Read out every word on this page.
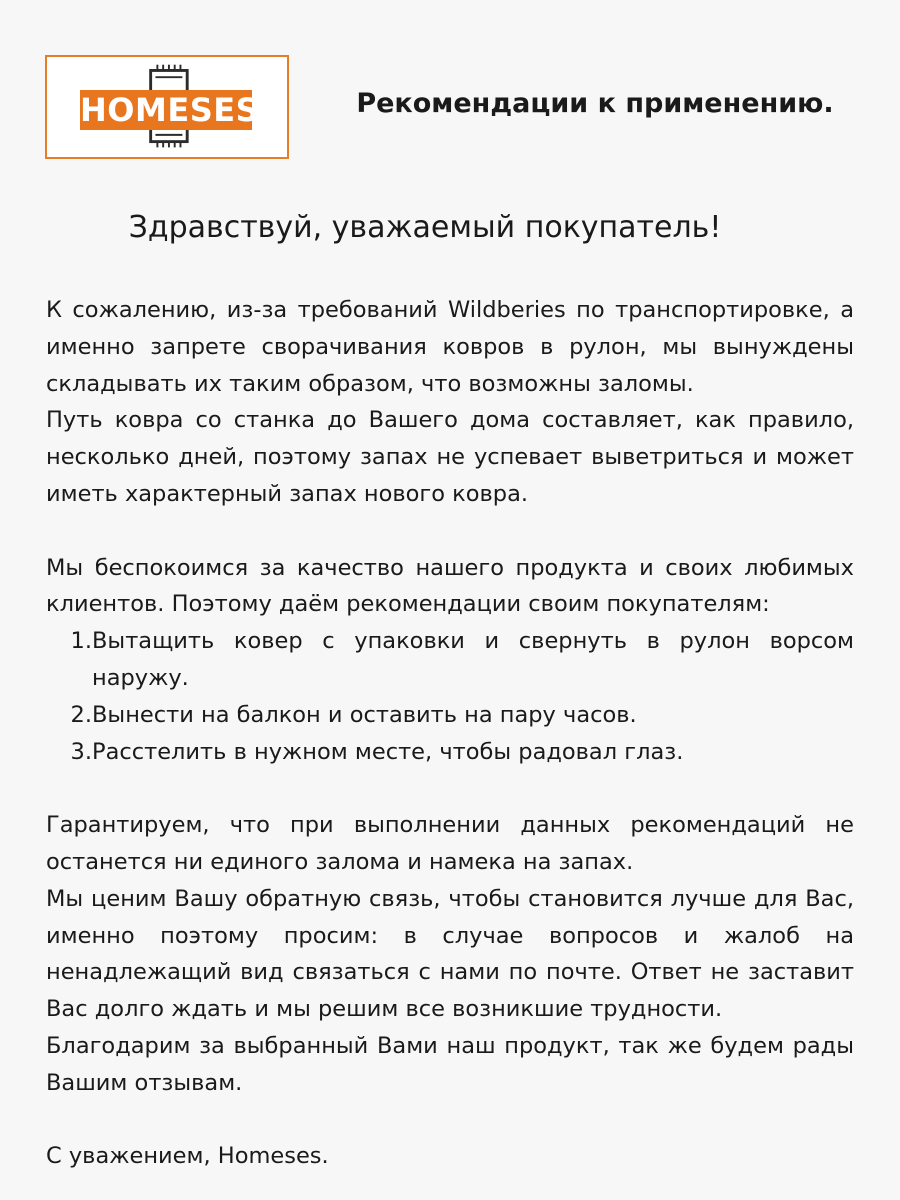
HOMESES	Рекомендации к применению.
Здравствуй, уважаемый покупатель!

К сожалению, из-за требований Wildberies по транспортировке, а именно запрете сворачивания ковров в рулон, мы вынуждены складывать их таким образом, что возможны заломы.

Путь ковра со станка до Вашего дома составляет, как правило, несколько дней, поэтому запах не успевает выветриться и может иметь характерный запах нового ковра.

Мы беспокоимся за качество нашего продукта и своих любимых клиентов. Поэтому даём рекомендации своим покупателям:

1. Вытащить ковер с упаковки и свернуть в рулон ворсом наружу.
2. Вынести на балкон и оставить на пару часов.
3. Расстелить в нужном месте, чтобы радовал глаз.

Гарантируем, что при выполнении данных рекомендаций не останется ни единого залома и намека на запах.

Мы ценим Вашу обратную связь, чтобы становится лучше для Вас, именно поэтому просим: в случае вопросов и жалоб на ненадлежащий вид связаться с нами по почте. Ответ не заставит Вас долго ждать и мы решим все возникшие трудности.

Благодарим за выбранный Вами наш продукт, так же будем рады Вашим отзывам.

С уважением, Homeses.
